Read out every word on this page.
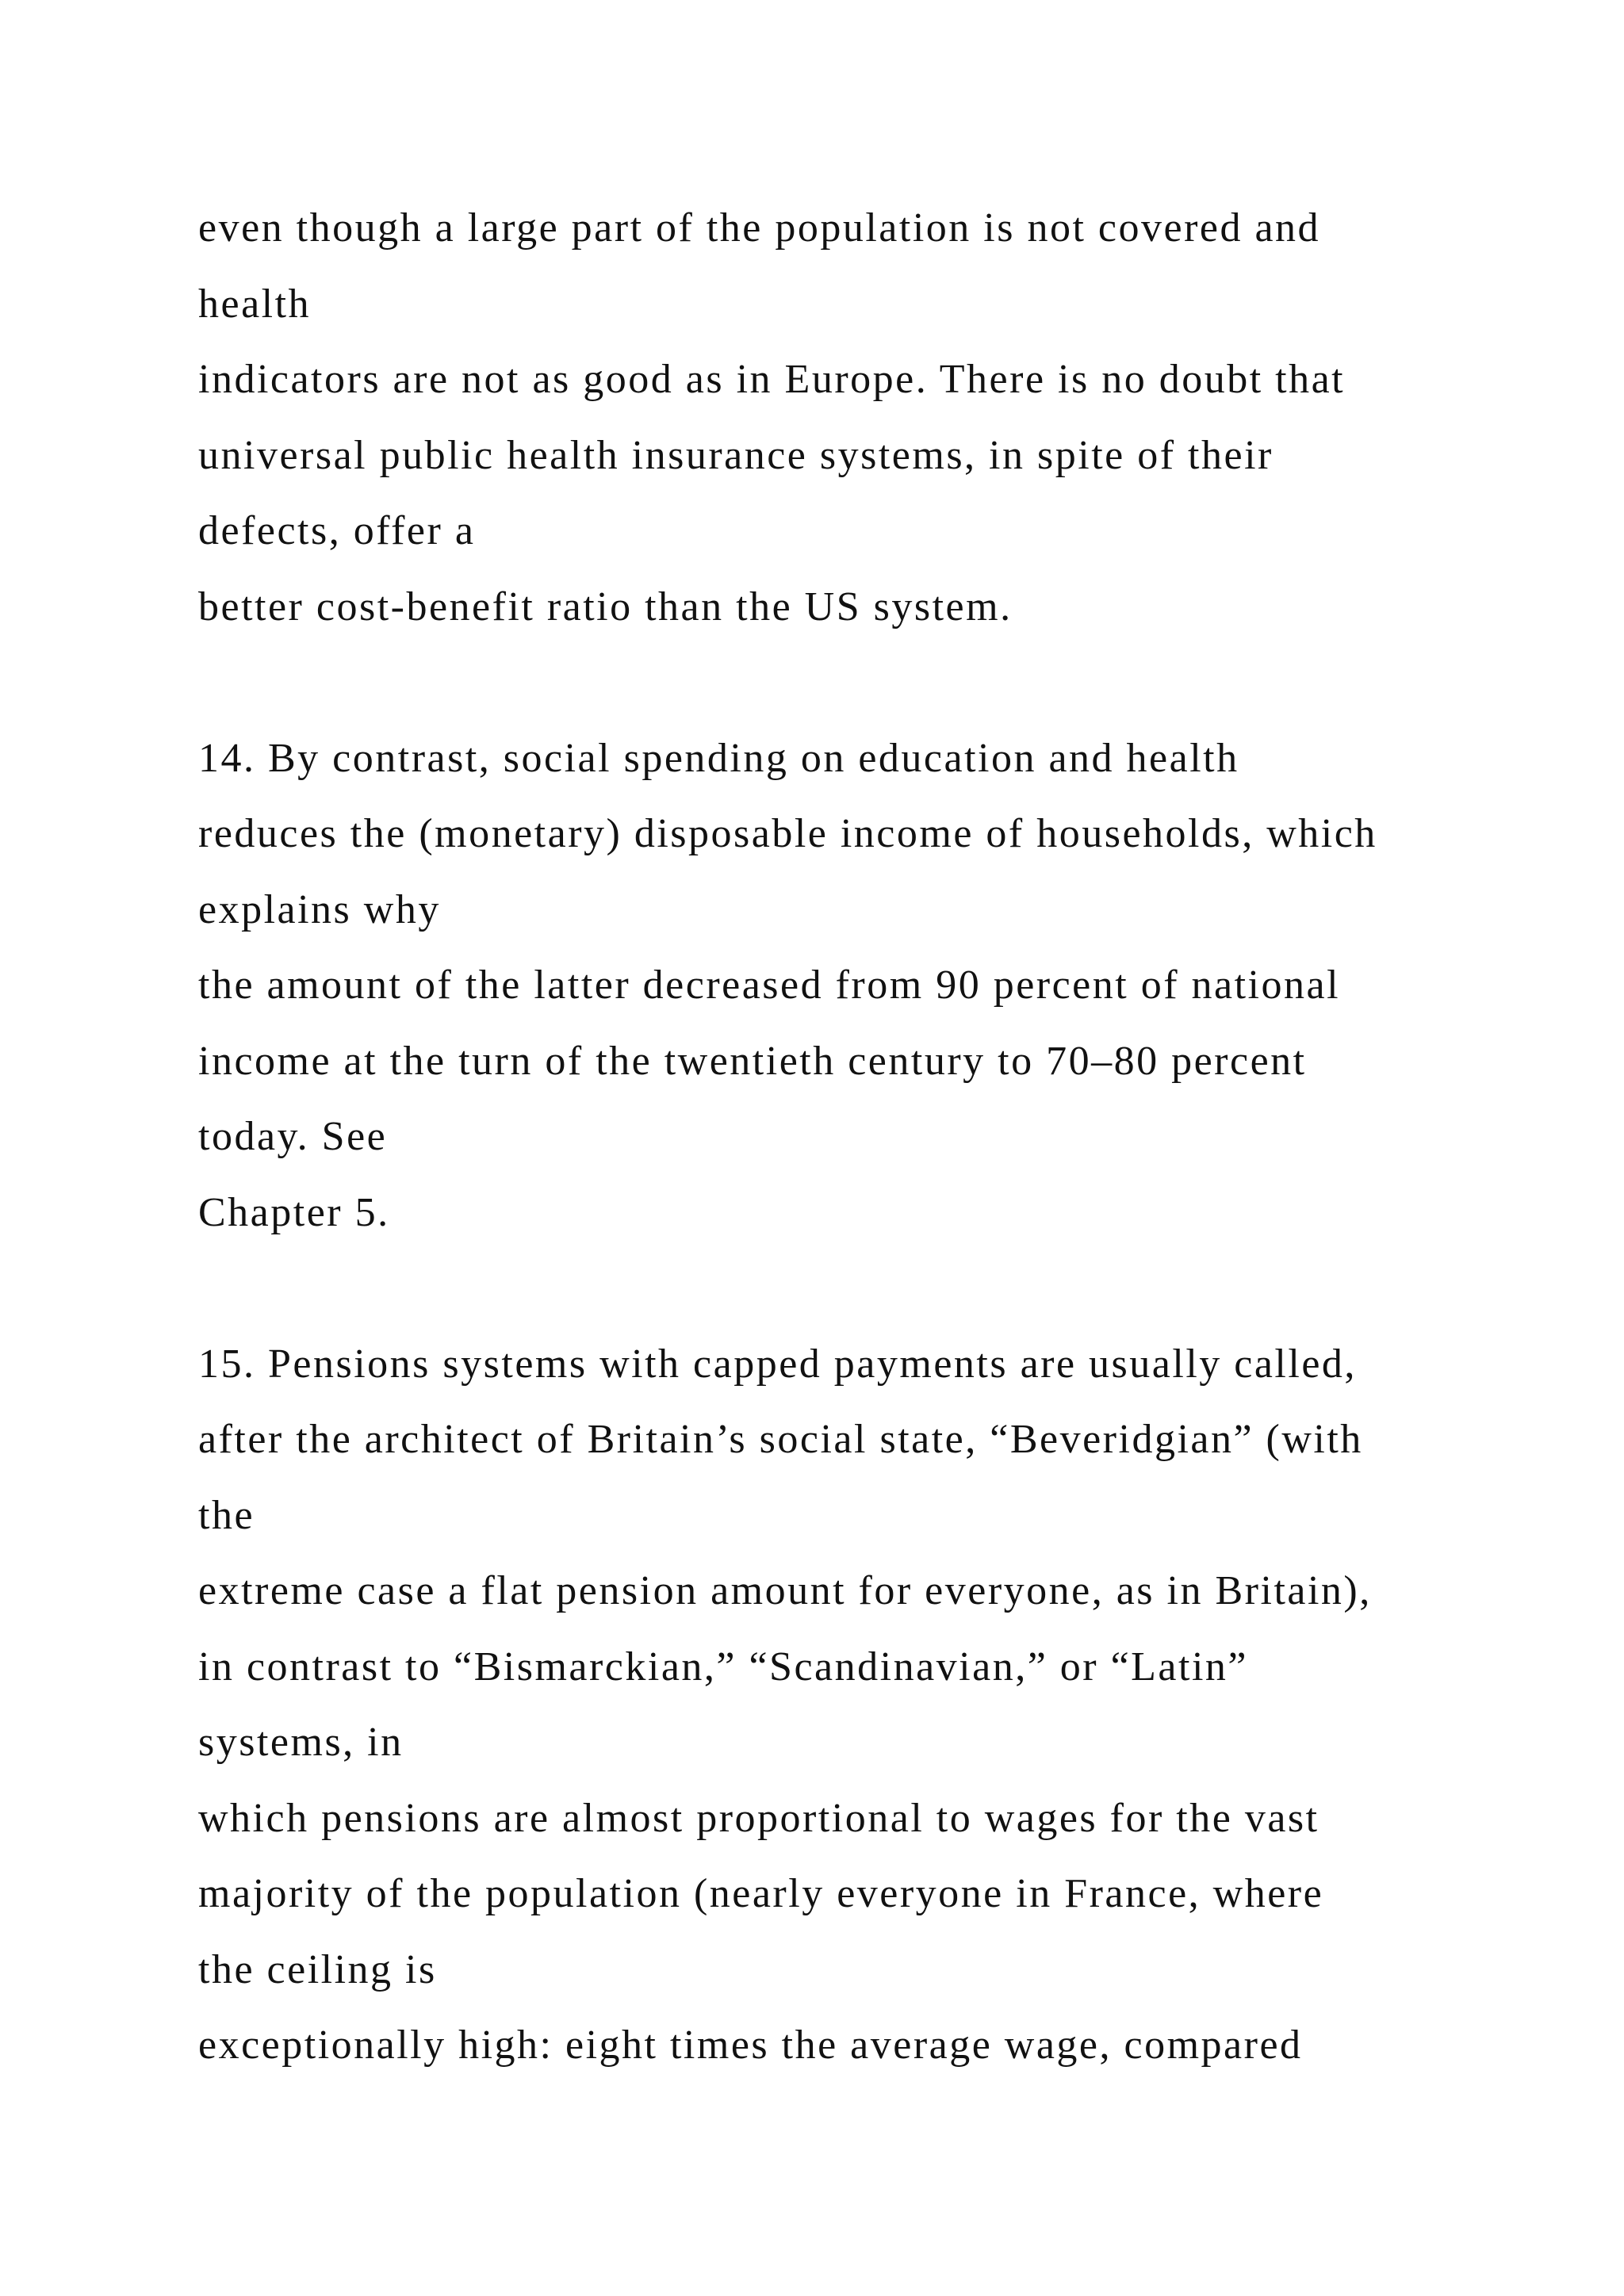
even though a large part of the population is not covered and
health
indicators are not as good as in Europe. There is no doubt that
universal public health insurance systems, in spite of their
defects, offer a
better cost-benefit ratio than the US system.
14. By contrast, social spending on education and health
reduces the (monetary) disposable income of households, which
explains why
the amount of the latter decreased from 90 percent of national
income at the turn of the twentieth century to 70–80 percent
today. See
Chapter 5.
15. Pensions systems with capped payments are usually called,
after the architect of Britain’s social state, “Beveridgian” (with
the
extreme case a flat pension amount for everyone, as in Britain),
in contrast to “Bismarckian,” “Scandinavian,” or “Latin”
systems, in
which pensions are almost proportional to wages for the vast
majority of the population (nearly everyone in France, where
the ceiling is
exceptionally high: eight times the average wage, compared
